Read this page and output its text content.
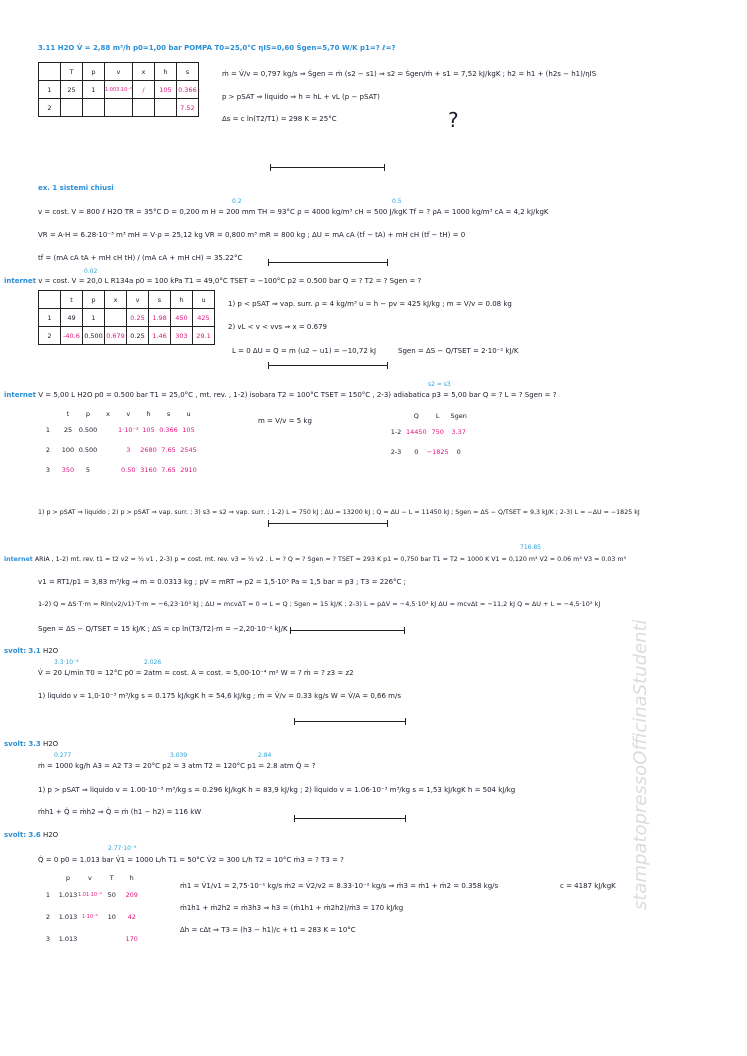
3.11 H2O V̇ = 2,88 m³/h p0=1,00 bar POMPA T0=25,0°C ηIS=0,60 Ṡgen=5,70 W/K p1=? ℓ=?
	T	p	v	x	h	s
1	25	1	1.003·10⁻³	/	105	0.366
2						7.52
ṁ = V̇/v = 0,797 kg/s ⇒ Ṡgen = ṁ (s2 − s1) ⇒ s2 = Ṡgen/ṁ + s1 = 7,52 kJ/kgK ; h2 = h1 + (h2s − h1)/ηIS
p > pSAT ⇒ liquido ⇒ h = hL + vL (p − pSAT)
Δs = c ln(T2/T1) = 298 K = 25°C	?
ex. 1 sistemi chiusi
0.2	0.5
v = cost. V = 800 ℓ H2O TR = 35°C D = 0,200 m H = 200 mm TH = 93°C ρ = 4000 kg/m³ cH = 500 J/kgK Tf = ? ρA = 1000 kg/m³ cA = 4,2 kJ/kgK
VR = A·H = 6.28·10⁻³ m³ mH = V·ρ = 25,12 kg VR = 0,800 m³ mR = 800 kg ; ΔU = mA cA (tf − tA) + mH cH (tf − tH) = 0
tf = (mA cA tA + mH cH tH) / (mA cA + mH cH) = 35.22°C
0.02
internet v = cost. V = 20,0 L R134a p0 = 100 kPa T1 = 49,0°C TSET = −100°C p2 = 0.500 bar Q = ? T2 = ? Sgen = ?
	t	p	x	v	s	h	u
1	49	1		0.25	1.98	450	425
2	-40.6	0.500	0.679	0.25	1.46	303	29.1
1) p < pSAT ⇒ vap. surr. ρ = 4 kg/m³ u = h − pv = 425 kJ/kg ; m = V/v = 0.08 kg
2) vL < v < vvs ⇒ x = 0.679
L = 0 ΔU = Q = m (u2 − u1) = −10,72 kJ	Sgen = ΔS − Q/TSET = 2·10⁻² kJ/K
s2 = s3
internet V = 5,00 L H2O p0 = 0.500 bar T1 = 25,0°C , mt. rev. , 1-2) isobara T2 = 100°C TSET = 150°C , 2-3) adiabatica p3 = 5,00 bar Q = ? L = ? Sgen = ?
	t	p	x	v	h	s	u
1	25	0.500		1·10⁻³	105	0.366	105
2	100	0.500		3	2680	7.65	2545
3	350	5		0.50	3160	7.65	2910
m = V/v = 5 kg
	Q	L	Sgen
1-2	14450	750	3.37
2-3	0	−1825	0
1) p > pSAT ⇒ liquido ; 2) p > pSAT ⇒ vap. surr. ; 3) s3 = s2 ⇒ vap. surr. ; 1-2) L = 750 kJ ; ΔU = 13200 kJ ; Q = ΔU − L = 11450 kJ ; Sgen = ΔS − Q/TSET = 9,3 kJ/K ; 2-3) L = −ΔU = −1825 kJ
716.85
internet ARIA , 1-2) mt. rev. t1 = t2 v2 = ½ v1 , 2-3) p = cost. mt. rev. v3 = ½ v2 . L = ? Q = ? Sgen = ? TSET = 293 K p1 = 0,750 bar T1 = T2 = 1000 K V1 = 0,120 m³ V2 = 0.06 m³ V3 = 0.03 m³
v1 = RT1/p1 = 3,83 m³/kg ⇒ m = 0.0313 kg ; pV = mRT ⇒ p2 = 1,5·10⁵ Pa = 1,5 bar = p3 ; T3 = 226°C ;
1-2) Q = ΔS·T·m = Rln(v2/v1)·T·m = −6,23·10³ kJ ; ΔU = mcvΔT = 0 ⇒ L = Q ; Sgen = 15 kJ/K ; 2-3) L = pΔV = −4,5·10³ kJ ΔU = mcvΔt = −11,2 kJ Q = ΔU + L = −4,5·10³ kJ
Sgen = ΔS − Q/TSET = 15 kJ/K ; ΔS = cp ln(T3/T2)·m = −2,20·10⁻² kJ/K
svolt: 3.1 H2O
3.3·10⁻⁴	2.026
V̇ = 20 L/min T0 = 12°C p0 = 2atm = cost. A = cost. = 5,00·10⁻⁴ m² W = ? ṁ = ? z3 = z2
1) liquido v = 1,0·10⁻³ m³/kg s = 0.175 kJ/kgK h = 54,6 kJ/kg ; ṁ = V̇/v = 0.33 kg/s W = V̇/A = 0,66 m/s
svolt: 3.3 H2O
0.277	3.039	2.84
ṁ = 1000 kg/h A3 = A2 T3 = 20°C p2 = 3 atm T2 = 120°C p1 = 2.8 atm Q̇ = ?
1) p > pSAT ⇒ liquido v = 1.00·10⁻³ m³/kg s = 0.296 kJ/kgK h = 83,9 kJ/kg ; 2) liquido v = 1.06·10⁻³ m³/kg s = 1,53 kJ/kgK h = 504 kJ/kg
ṁh1 + Q̇ = ṁh2 ⇒ Q̇ = ṁ (h1 − h2) = 116 kW
svolt: 3.6 H2O
2.77·10⁻⁴
Q̇ = 0 p0 = 1.013 bar V̇1 = 1000 L/h T1 = 50°C V̇2 = 300 L/h T2 = 10°C ṁ3 = ? T3 = ?
	p	v	T	h
1	1.013	1.01·10⁻³	50	209
2	1.013	1·10⁻³	10	42
3	1.013			170
ṁ1 = V̇1/v1 = 2,75·10⁻¹ kg/s ṁ2 = V̇2/v2 = 8.33·10⁻² kg/s ⇒ ṁ3 = ṁ1 + ṁ2 = 0.358 kg/s	c = 4187 kJ/kgK
ṁ1h1 + ṁ2h2 = ṁ3h3 ⇒ h3 = (ṁ1h1 + ṁ2h2)/ṁ3 = 170 kJ/kg
Δh = cΔt ⇒ T3 = (h3 − h1)/c + t1 = 283 K = 10°C
stampatopressoOfficinaStudenti
